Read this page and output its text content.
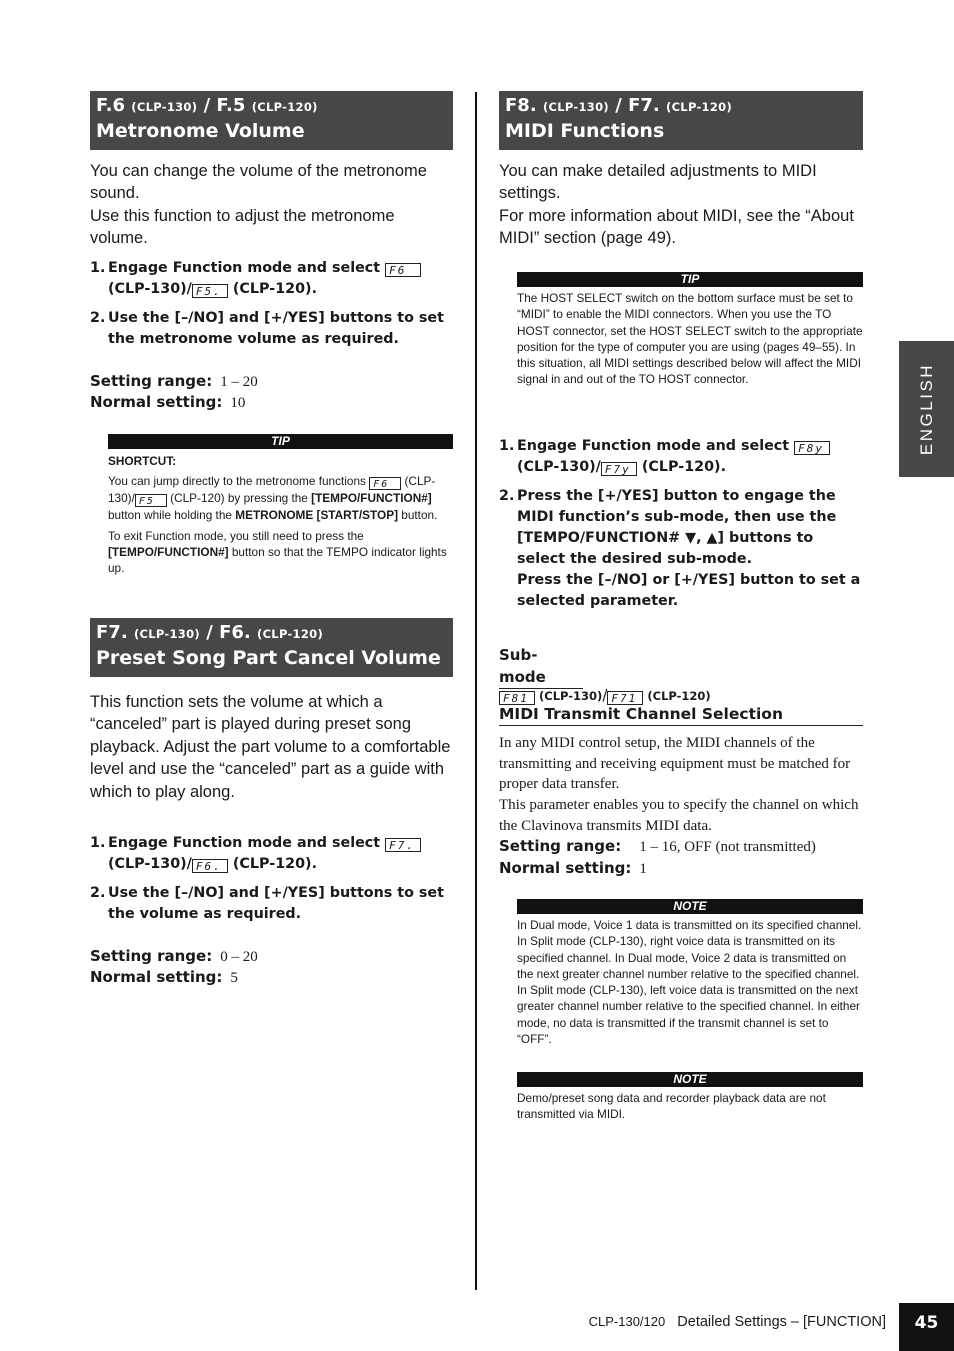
F.6 (CLP-130) / F.5 (CLP-120)
Metronome Volume

You can change the volume of the metronome sound.

Use this function to adjust the metronome volume.

1. Engage Function mode and select F6 (CLP-130)/ F5. (CLP-120).
2. Use the [–/NO] and [+/YES] buttons to set the metronome volume as required.
Setting range: 1 – 20
Normal setting: 10
TIP

SHORTCUT:

You can jump directly to the metronome functions F6 (CLP-130)/ F5 (CLP-120) by pressing the [TEMPO/FUNCTION#] button while holding the METRONOME [START/STOP] button.

To exit Function mode, you still need to press the [TEMPO/FUNCTION#] button so that the TEMPO indicator lights up.

F7. (CLP-130) / F6. (CLP-120)
Preset Song Part Cancel Volume

This function sets the volume at which a “canceled” part is played during preset song playback. Adjust the part volume to a comfortable level and use the “canceled” part as a guide with which to play along.

1. Engage Function mode and select F7. (CLP-130)/ F6. (CLP-120).
2. Use the [–/NO] and [+/YES] buttons to set the volume as required.
Setting range: 0 – 20
Normal setting: 5
F8. (CLP-130) / F7. (CLP-120)
MIDI Functions

You can make detailed adjustments to MIDI settings.

For more information about MIDI, see the “About MIDI” section (page 49).

TIP

The HOST SELECT switch on the bottom surface must be set to “MIDI” to enable the MIDI connectors. When you use the TO HOST connector, set the HOST SELECT switch to the appropriate position for the type of computer you are using (pages 49–55). In this situation, all MIDI settings described below will affect the MIDI signal in and out of the TO HOST connector.

1. Engage Function mode and select F8y (CLP-130)/ F7y (CLP-120).
2. Press the [+/YES] button to engage the MIDI function’s sub-mode, then use the [TEMPO/FUNCTION# ▼, ▲] buttons to select the desired sub-mode.
Press the [–/NO] or [+/YES] button to set a selected parameter.
Sub-mode
F81 (CLP-130)/ F71 (CLP-120)
MIDI Transmit Channel Selection

In any MIDI control setup, the MIDI channels of the transmitting and receiving equipment must be matched for proper data transfer.

This parameter enables you to specify the channel on which the Clavinova transmits MIDI data.

Setting range: 1 – 16, OFF (not transmitted)
Normal setting: 1
NOTE

In Dual mode, Voice 1 data is transmitted on its specified channel. In Split mode (CLP-130), right voice data is transmitted on its specified channel. In Dual mode, Voice 2 data is transmitted on the next greater channel number relative to the specified channel. In Split mode (CLP-130), left voice data is transmitted on the next greater channel number relative to the specified channel. In either mode, no data is transmitted if the transmit channel is set to “OFF”.

NOTE

Demo/preset song data and recorder playback data are not transmitted via MIDI.

ENGLISH
CLP-130/120 Detailed Settings – [FUNCTION]	45
